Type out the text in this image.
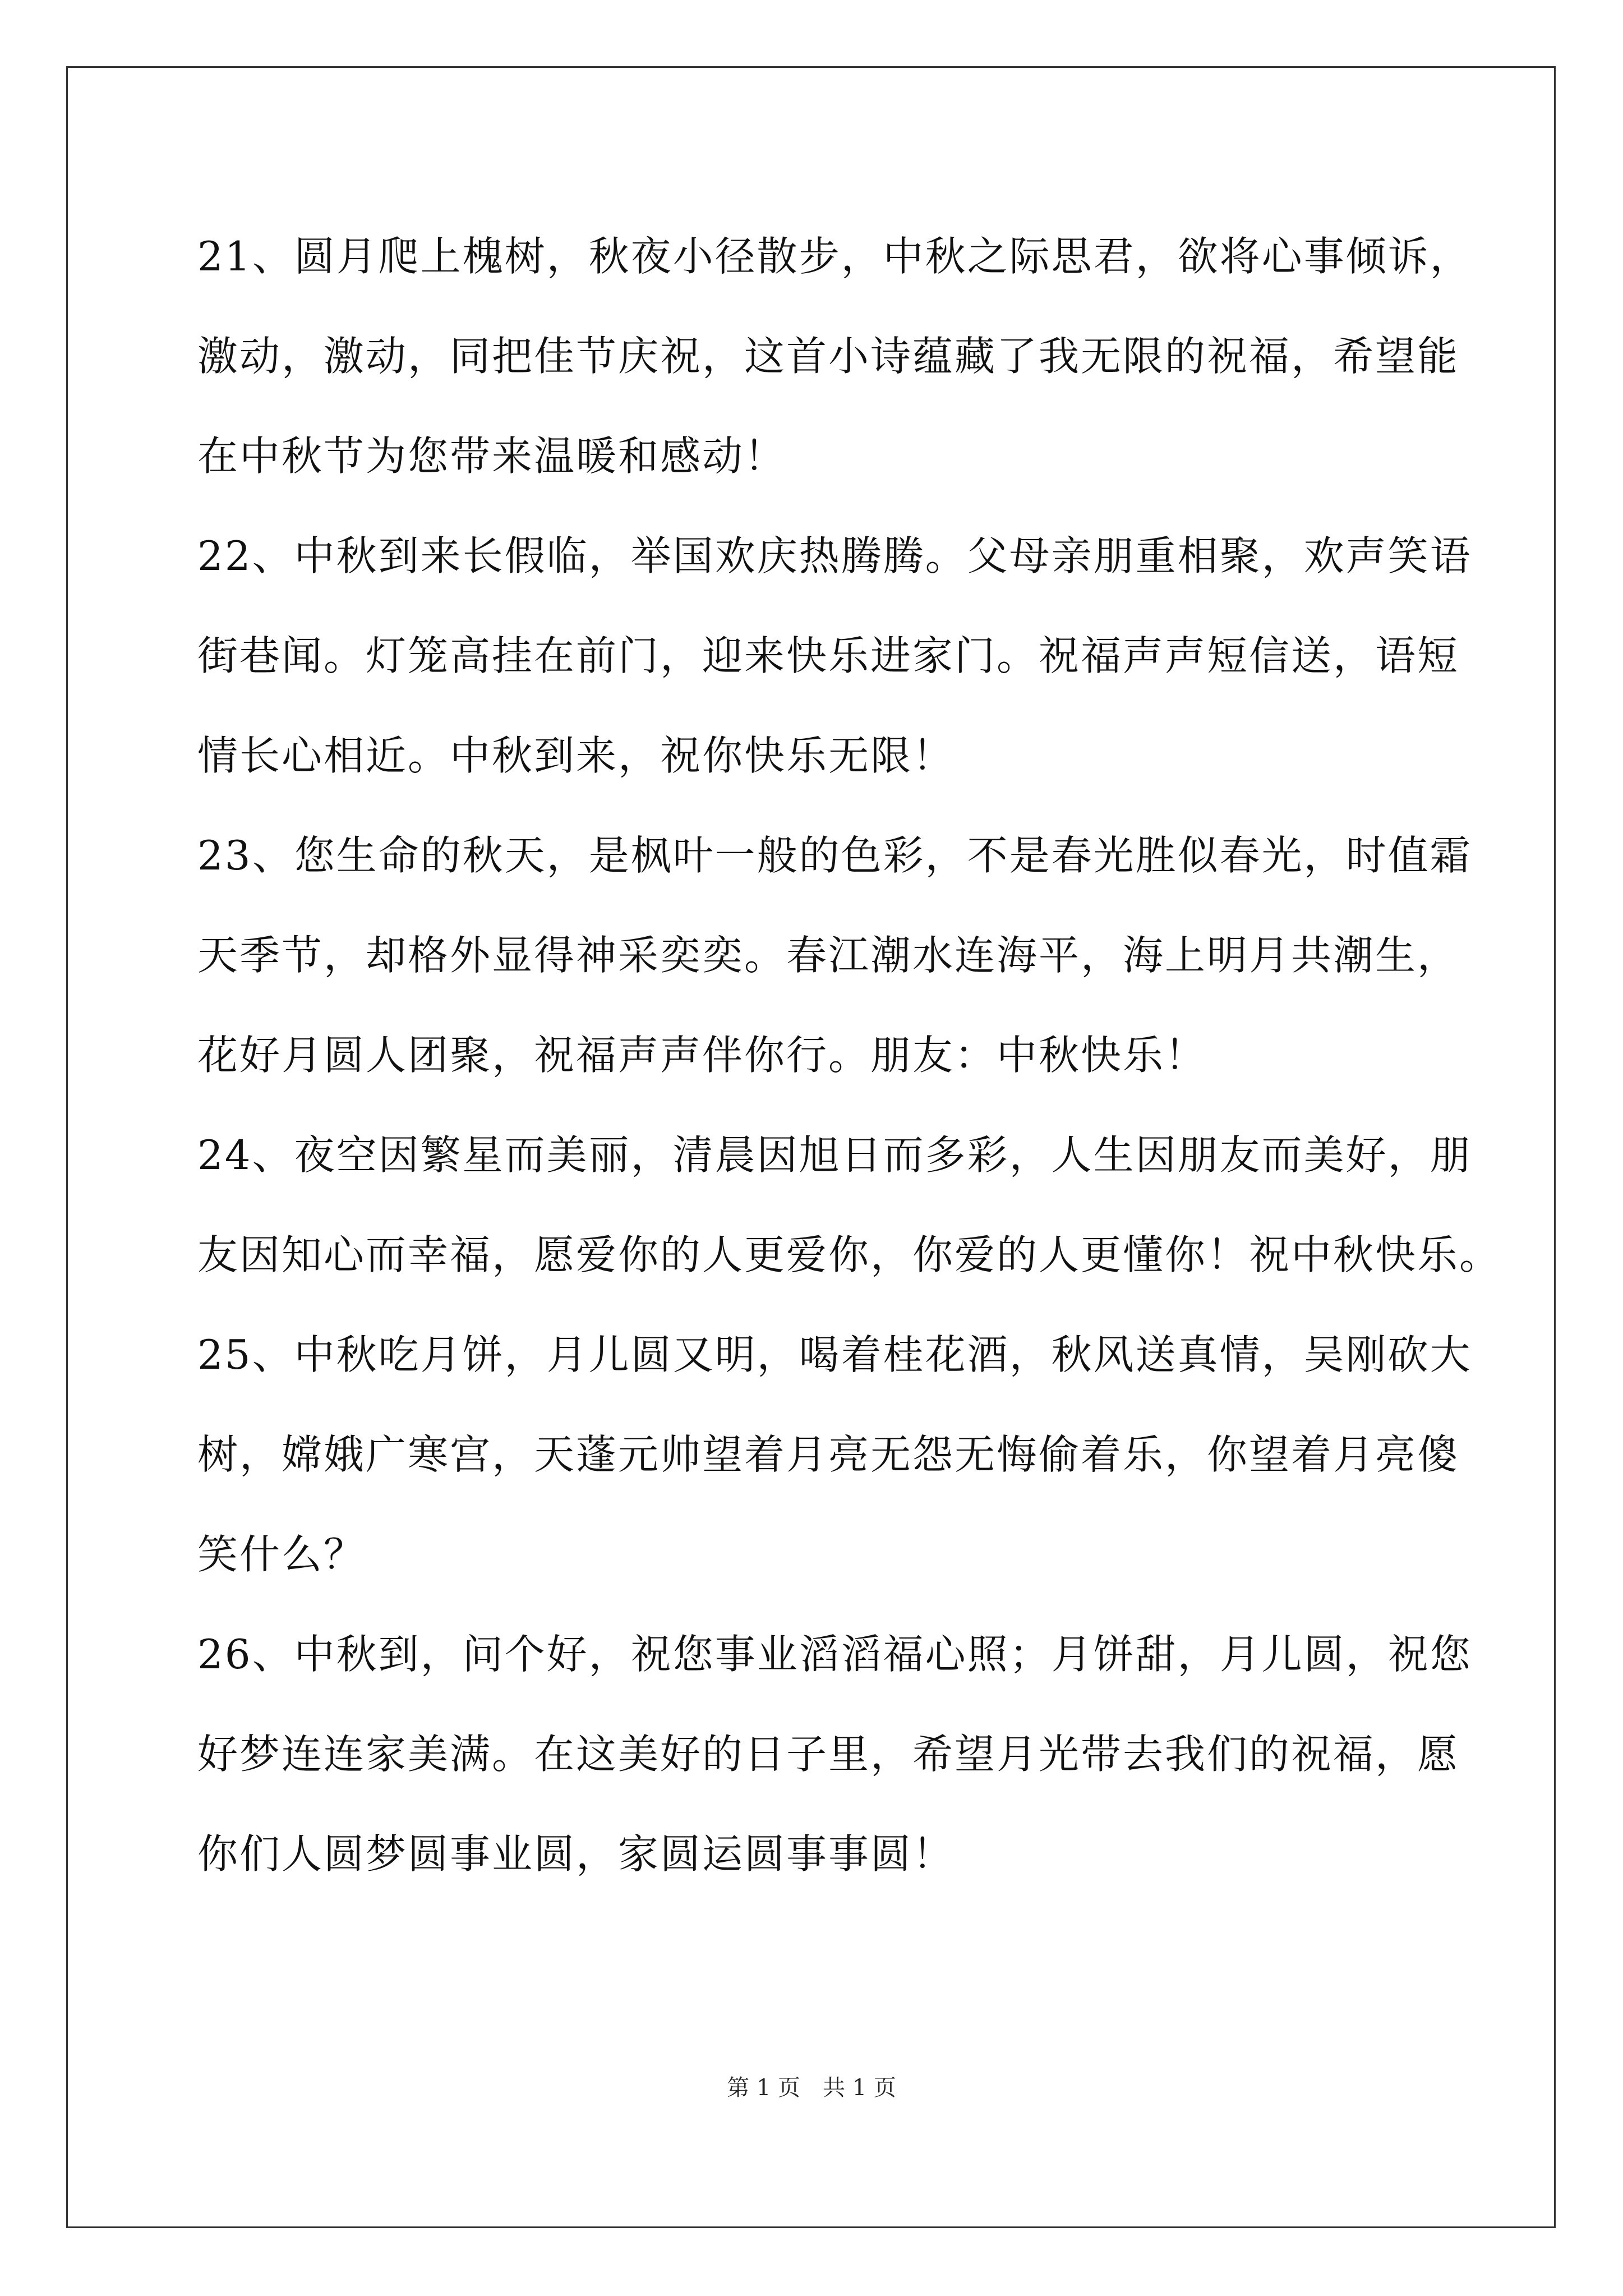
21、圆月爬上槐树，秋夜小径散步，中秋之际思君，欲将心事倾诉，
激动，激动，同把佳节庆祝，这首小诗蕴藏了我无限的祝福，希望能
在中秋节为您带来温暖和感动！
22、中秋到来长假临，举国欢庆热腾腾。父母亲朋重相聚，欢声笑语
街巷闻。灯笼高挂在前门，迎来快乐进家门。祝福声声短信送，语短
情长心相近。中秋到来，祝你快乐无限！
23、您生命的秋天，是枫叶一般的色彩，不是春光胜似春光，时值霜
天季节，却格外显得神采奕奕。春江潮水连海平，海上明月共潮生，
花好月圆人团聚，祝福声声伴你行。朋友：中秋快乐！
24、夜空因繁星而美丽，清晨因旭日而多彩，人生因朋友而美好，朋
友因知心而幸福，愿爱你的人更爱你，你爱的人更懂你！祝中秋快乐。
25、中秋吃月饼，月儿圆又明，喝着桂花酒，秋风送真情，吴刚砍大
树，嫦娥广寒宫，天蓬元帅望着月亮无怨无悔偷着乐，你望着月亮傻
笑什么？
26、中秋到，问个好，祝您事业滔滔福心照；月饼甜，月儿圆，祝您
好梦连连家美满。在这美好的日子里，希望月光带去我们的祝福，愿
你们人圆梦圆事业圆，家圆运圆事事圆！
第 1 页　共 1 页
